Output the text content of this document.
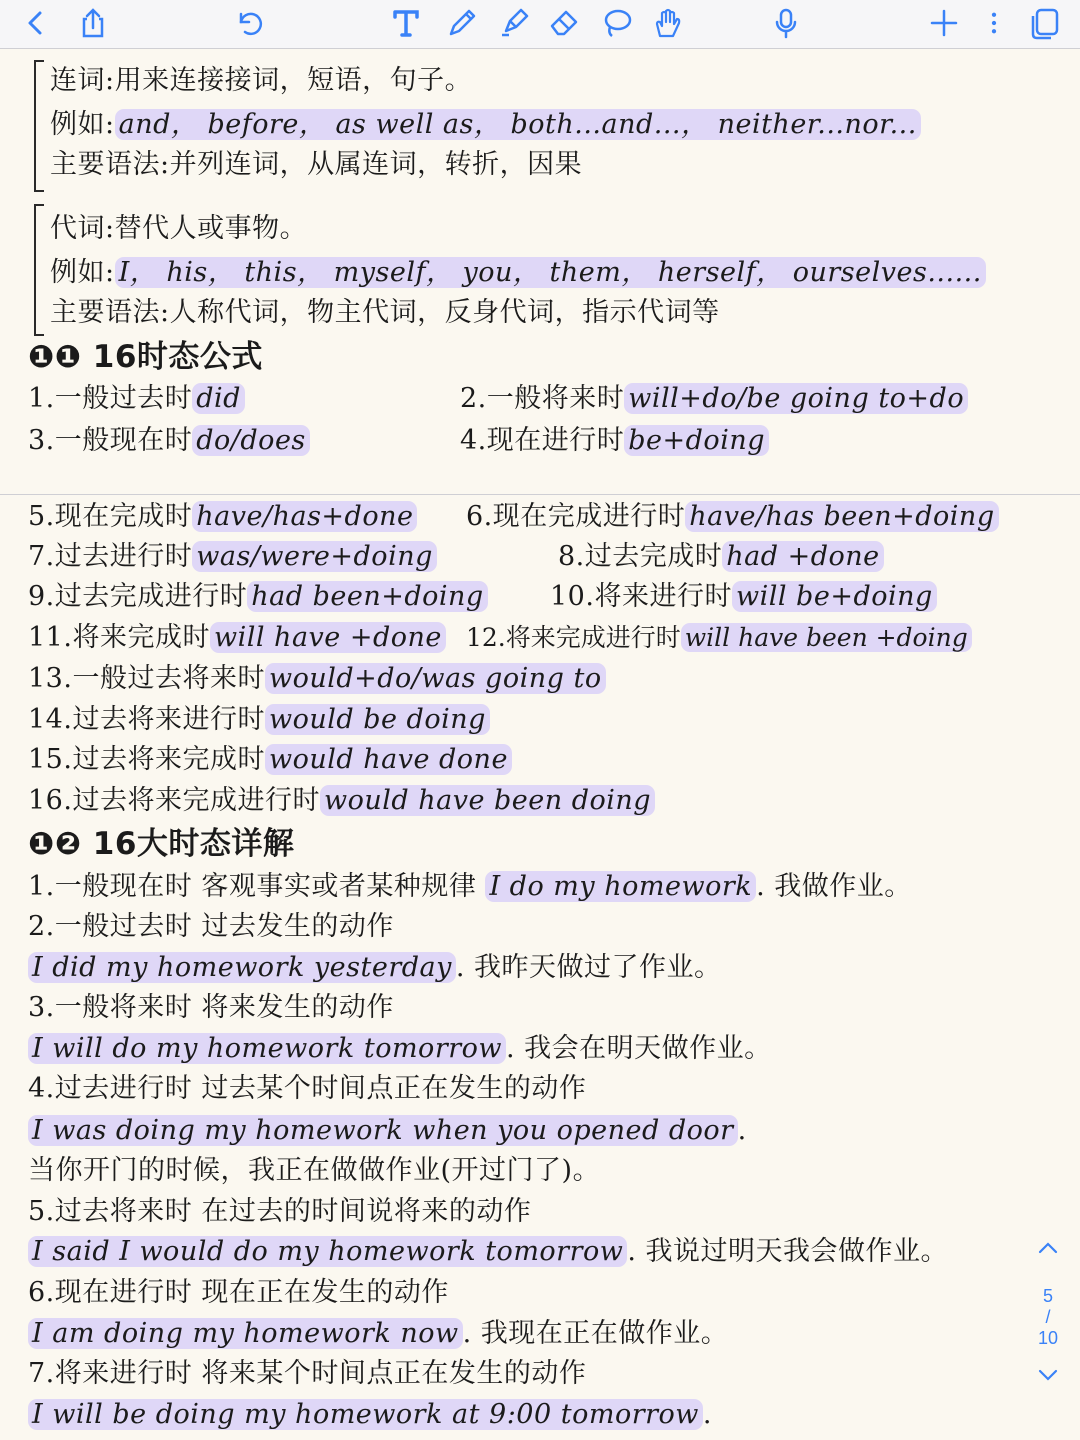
连词:用来连接接词，短语，句子。
例如: and， before， as well as， both...and...， neither...nor...
主要语法:并列连词，从属连词，转折，因果
代词:替代人或事物。
例如: I， his， this， myself， you， them， herself， ourselves......
主要语法:人称代词，物主代词，反身代词，指示代词等
❶❶ 16时态公式
1.一般过去时 did	2.一般将来时 will+do/be going to+do
3.一般现在时 do/does	4.现在进行时 be+doing
5.现在完成时 have/has+done 6.现在完成进行时 have/has been+doing
7.过去进行时 was/were+doing	8.过去完成时 had +done
9.过去完成进行时 had been+doing 10.将来进行时 will be+doing
11.将来完成时 will have +done 12.将来完成进行时 will have been +doing
13.一般过去将来时 would+do/was going to
14.过去将来进行时 would be doing
15.过去将来完成时 would have done
16.过去将来完成进行时 would have been doing
❶❷ 16大时态详解
1.一般现在时 客观事实或者某种规律 I do my homework . 我做作业。
2.一般过去时 过去发生的动作
I did my homework yesterday . 我昨天做过了作业。
3.一般将来时 将来发生的动作
I will do my homework tomorrow . 我会在明天做作业。
4.过去进行时 过去某个时间点正在发生的动作
I was doing my homework when you opened door .
当你开门的时候，我正在做做作业(开过门了)。
5.过去将来时 在过去的时间说将来的动作
I said I would do my homework tomorrow . 我说过明天我会做作业。
6.现在进行时 现在正在发生的动作
I am doing my homework now . 我现在正在做作业。
7.将来进行时 将来某个时间点正在发生的动作
I will be doing my homework at 9:00 tomorrow .
5
/
10
